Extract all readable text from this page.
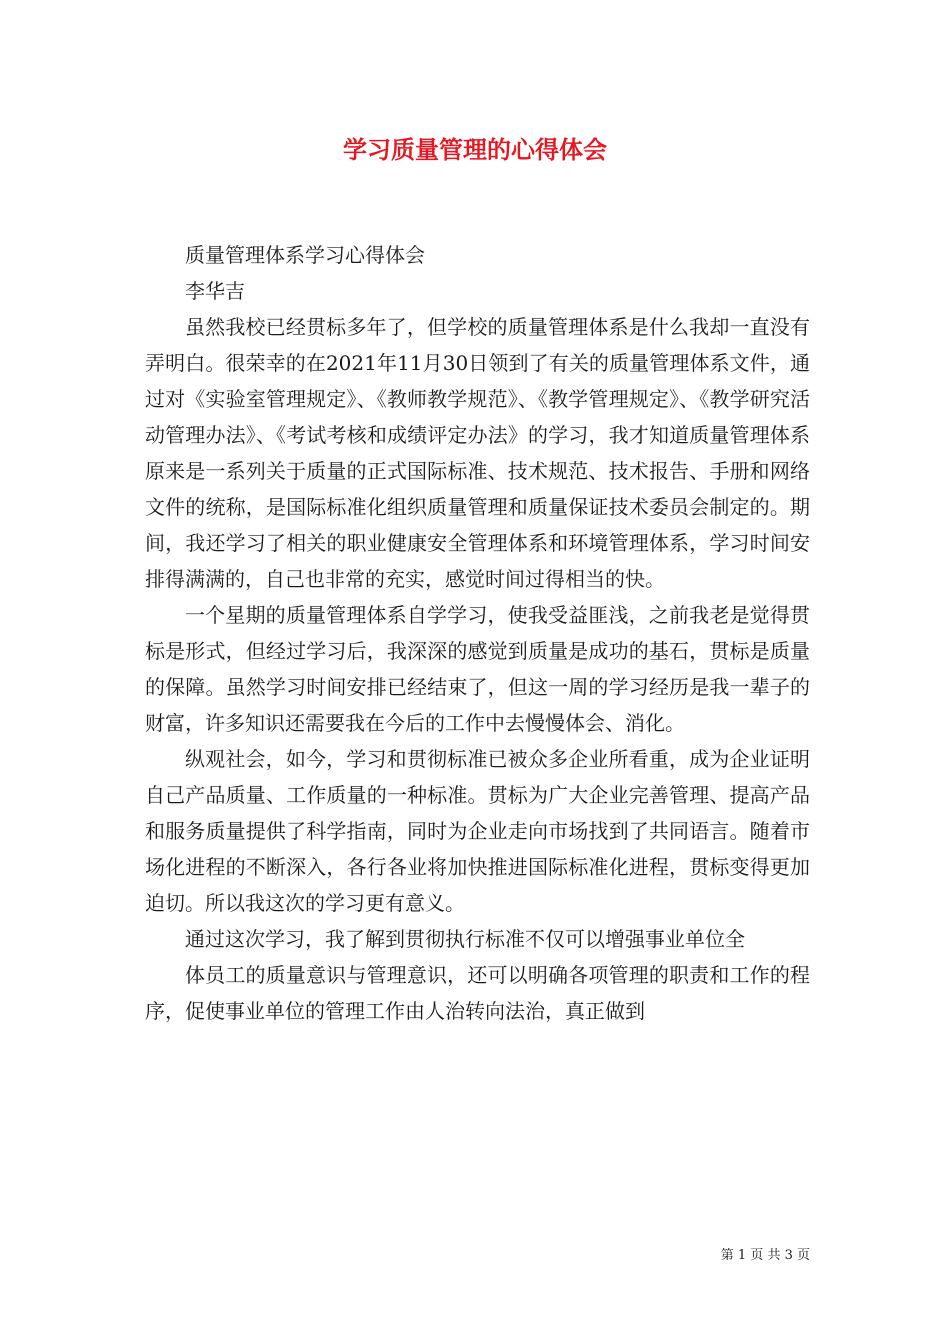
学习质量管理的心得体会

质量管理体系学习心得体会

李华吉

虽然我校已经贯标多年了，但学校的质量管理体系是什么我却一直没有弄明白。很荣幸的在2021年11月30日领到了有关的质量管理体系文件，通过对《实验室管理规定》、《教师教学规范》、《教学管理规定》、《教学研究活动管理办法》、《考试考核和成绩评定办法》的学习，我才知道质量管理体系原来是一系列关于质量的正式国际标准、技术规范、技术报告、手册和网络文件的统称，是国际标准化组织质量管理和质量保证技术委员会制定的。期间，我还学习了相关的职业健康安全管理体系和环境管理体系，学习时间安排得满满的，自己也非常的充实，感觉时间过得相当的快。

一个星期的质量管理体系自学学习，使我受益匪浅，之前我老是觉得贯标是形式，但经过学习后，我深深的感觉到质量是成功的基石，贯标是质量的保障。虽然学习时间安排已经结束了，但这一周的学习经历是我一辈子的财富，许多知识还需要我在今后的工作中去慢慢体会、消化。

纵观社会，如今，学习和贯彻标准已被众多企业所看重，成为企业证明自己产品质量、工作质量的一种标准。贯标为广大企业完善管理、提高产品和服务质量提供了科学指南，同时为企业走向市场找到了共同语言。随着市场化进程的不断深入，各行各业将加快推进国际标准化进程，贯标变得更加迫切。所以我这次的学习更有意义。

通过这次学习，我了解到贯彻执行标准不仅可以增强事业单位全

体员工的质量意识与管理意识，还可以明确各项管理的职责和工作的程序，促使事业单位的管理工作由人治转向法治，真正做到

第 1 页 共 3 页
